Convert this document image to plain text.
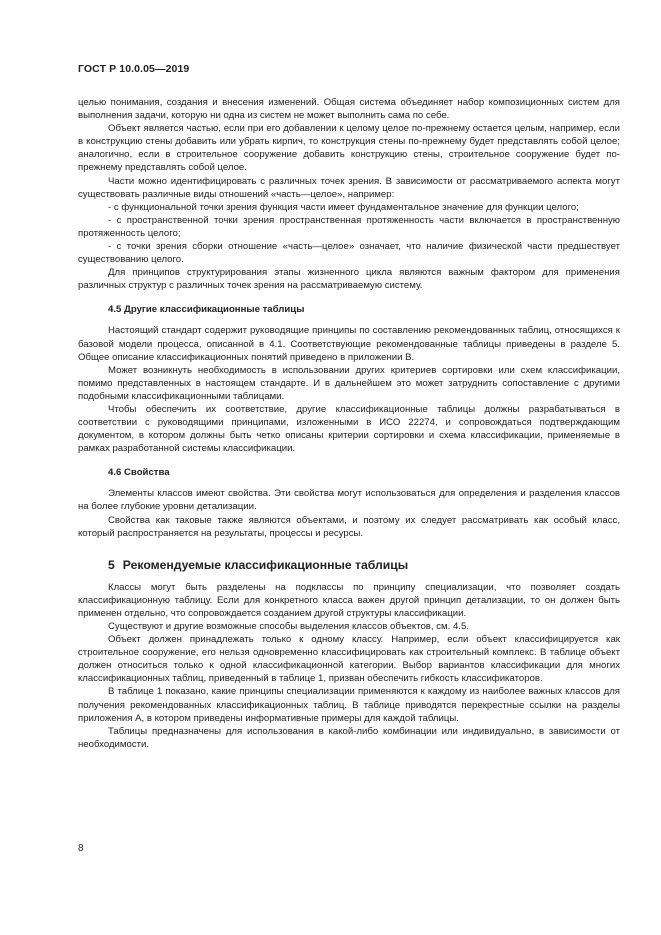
ГОСТ Р 10.0.05—2019

целью понимания, создания и внесения изменений. Общая система объединяет набор композиционных систем для выполнения задачи, которую ни одна из систем не может выполнить сама по себе.

Объект является частью, если при его добавлении к целому целое по-прежнему остается целым, например, если в конструкцию стены добавить или убрать кирпич, то конструкция стены по-прежнему будет представлять собой целое; аналогично, если в строительное сооружение добавить конструкцию стены, строительное сооружение будет по-прежнему представлять собой целое.

Части можно идентифицировать с различных точек зрения. В зависимости от рассматриваемого аспекта могут существовать различные виды отношений «часть—целое», например:

- с функциональной точки зрения функция части имеет фундаментальное значение для функции целого;

- с пространственной точки зрения пространственная протяженность части включается в пространственную протяженность целого;

- с точки зрения сборки отношение «часть—целое» означает, что наличие физической части предшествует существованию целого.

Для принципов структурирования этапы жизненного цикла являются важным фактором для применения различных структур с различных точек зрения на рассматриваемую систему.

4.5 Другие классификационные таблицы

Настоящий стандарт содержит руководящие принципы по составлению рекомендованных таблиц, относящихся к базовой модели процесса, описанной в 4.1. Соответствующие рекомендованные таблицы приведены в разделе 5. Общее описание классификационных понятий приведено в приложении В.

Может возникнуть необходимость в использовании других критериев сортировки или схем классификации, помимо представленных в настоящем стандарте. И в дальнейшем это может затруднить сопоставление с другими подобными классификационными таблицами.

Чтобы обеспечить их соответствие, другие классификационные таблицы должны разрабатываться в соответствии с руководящими принципами, изложенными в ИСО 22274, и сопровождаться подтверждающим документом, в котором должны быть четко описаны критерии сортировки и схема классификации, применяемые в рамках разработанной системы классификации.

4.6 Свойства

Элементы классов имеют свойства. Эти свойства могут использоваться для определения и разделения классов на более глубокие уровни детализации.

Свойства как таковые также являются объектами, и поэтому их следует рассматривать как особый класс, который распространяется на результаты, процессы и ресурсы.

5 Рекомендуемые классификационные таблицы

Классы могут быть разделены на подклассы по принципу специализации, что позволяет создать классификационную таблицу. Если для конкретного класса важен другой принцип детализации, то он должен быть применен отдельно, что сопровождается созданием другой структуры классификации.

Существуют и другие возможные способы выделения классов объектов, см. 4.5.

Объект должен принадлежать только к одному классу. Например, если объект классифицируется как строительное сооружение, его нельзя одновременно классифицировать как строительный комплекс. В таблице объект должен относиться только к одной классификационной категории. Выбор вариантов классификации для многих классификационных таблиц, приведенный в таблице 1, призван обеспечить гибкость классификаторов.

В таблице 1 показано, какие принципы специализации применяются к каждому из наиболее важных классов для получения рекомендованных классификационных таблиц. В таблице приводятся перекрестные ссылки на разделы приложения А, в котором приведены информативные примеры для каждой таблицы.

Таблицы предназначены для использования в какой-либо комбинации или индивидуально, в зависимости от необходимости.

8
